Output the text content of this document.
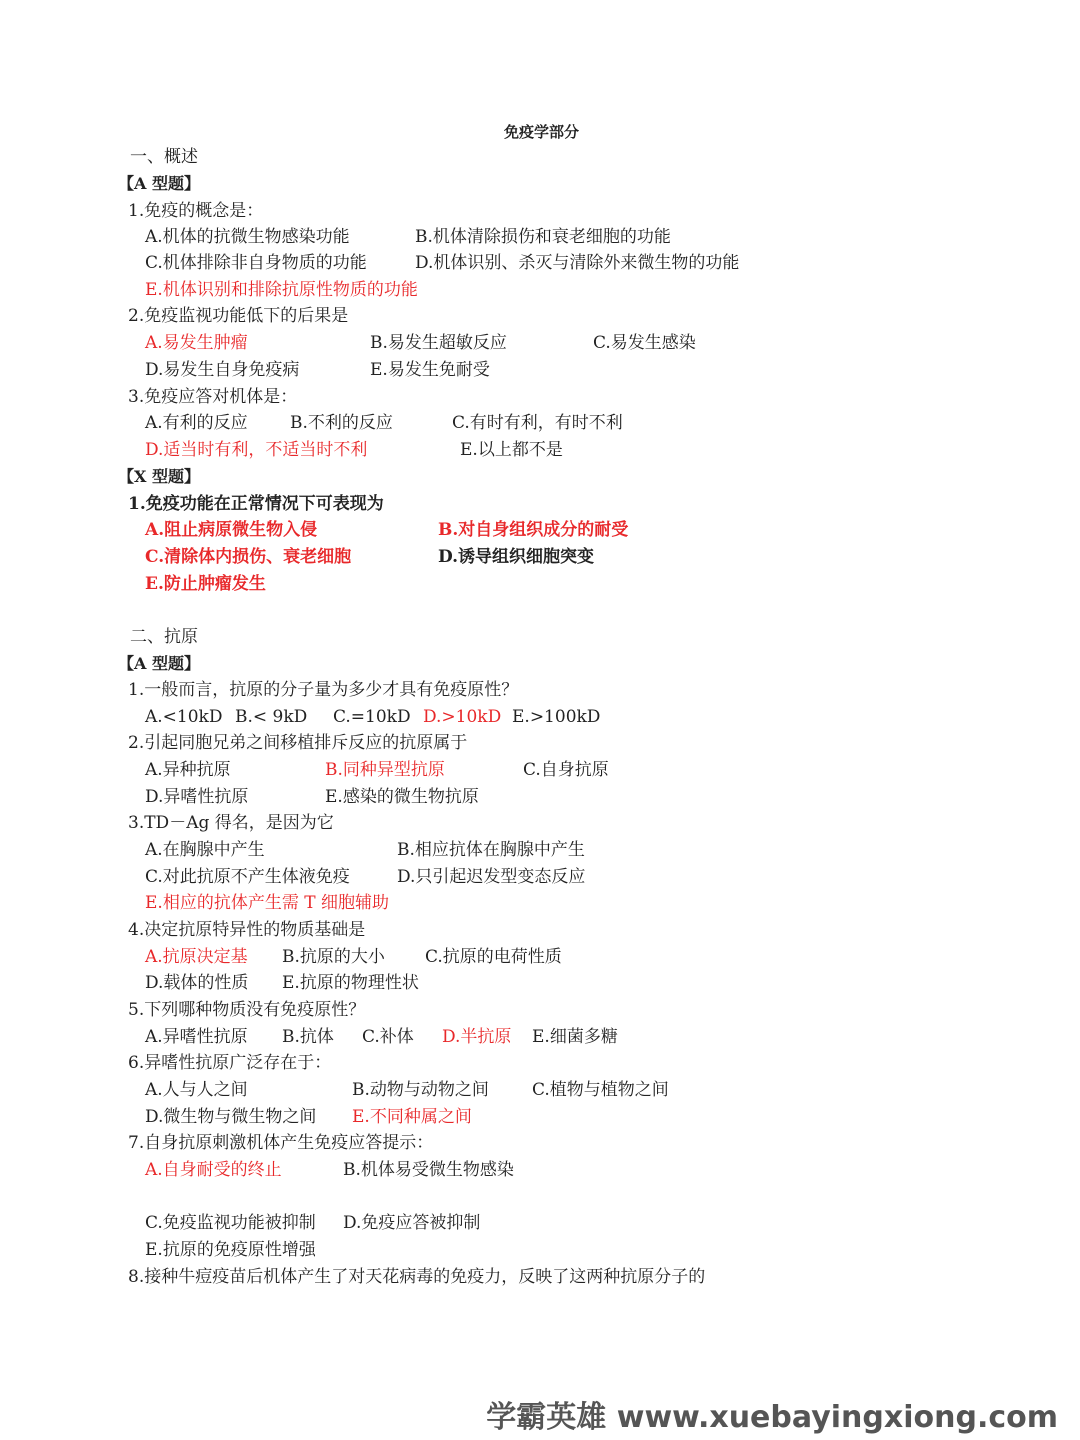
免疫学部分
一、概述
【A 型题】
1.免疫的概念是：
A.机体的抗微生物感染功能	B.机体清除损伤和衰老细胞的功能
C.机体排除非自身物质的功能	D.机体识别、杀灭与清除外来微生物的功能
E.机体识别和排除抗原性物质的功能
2.免疫监视功能低下的后果是
A.易发生肿瘤	B.易发生超敏反应	C.易发生感染
D.易发生自身免疫病	E.易发生免耐受
3.免疫应答对机体是：
A.有利的反应 B.不利的反应	C.有时有利，有时不利
D.适当时有利，不适当时不利	E.以上都不是
【X 型题】
1.免疫功能在正常情况下可表现为
A.阻止病原微生物入侵	B.对自身组织成分的耐受
C.清除体内损伤、衰老细胞	D.诱导组织细胞突变
E.防止肿瘤发生
二、抗原
【A 型题】
1.一般而言，抗原的分子量为多少才具有免疫原性？
A.<10kD B.< 9kD C.=10kD D.>10kD E.>100kD
2.引起同胞兄弟之间移植排斥反应的抗原属于
A.异种抗原	B.同种异型抗原	C.自身抗原
D.异嗜性抗原	E.感染的微生物抗原
3.TD－Ag 得名，是因为它
A.在胸腺中产生	B.相应抗体在胸腺中产生
C.对此抗原不产生体液免疫	D.只引起迟发型变态反应
E.相应的抗体产生需 T 细胞辅助
4.决定抗原特异性的物质基础是
A.抗原决定基 B.抗原的大小 C.抗原的电荷性质
D.载体的性质 E.抗原的物理性状
5.下列哪种物质没有免疫原性？
A.异嗜性抗原 B.抗体 C.补体 D.半抗原 E.细菌多糖
6.异嗜性抗原广泛存在于：
A.人与人之间	B.动物与动物之间	C.植物与植物之间
D.微生物与微生物之间 E.不同种属之间
7.自身抗原刺激机体产生免疫应答提示：
A.自身耐受的终止	B.机体易受微生物感染
C.免疫监视功能被抑制 D.免疫应答被抑制
E.抗原的免疫原性增强
8.接种牛痘疫苗后机体产生了对天花病毒的免疫力，反映了这两种抗原分子的
学霸英雄 www.xuebayingxiong.com
